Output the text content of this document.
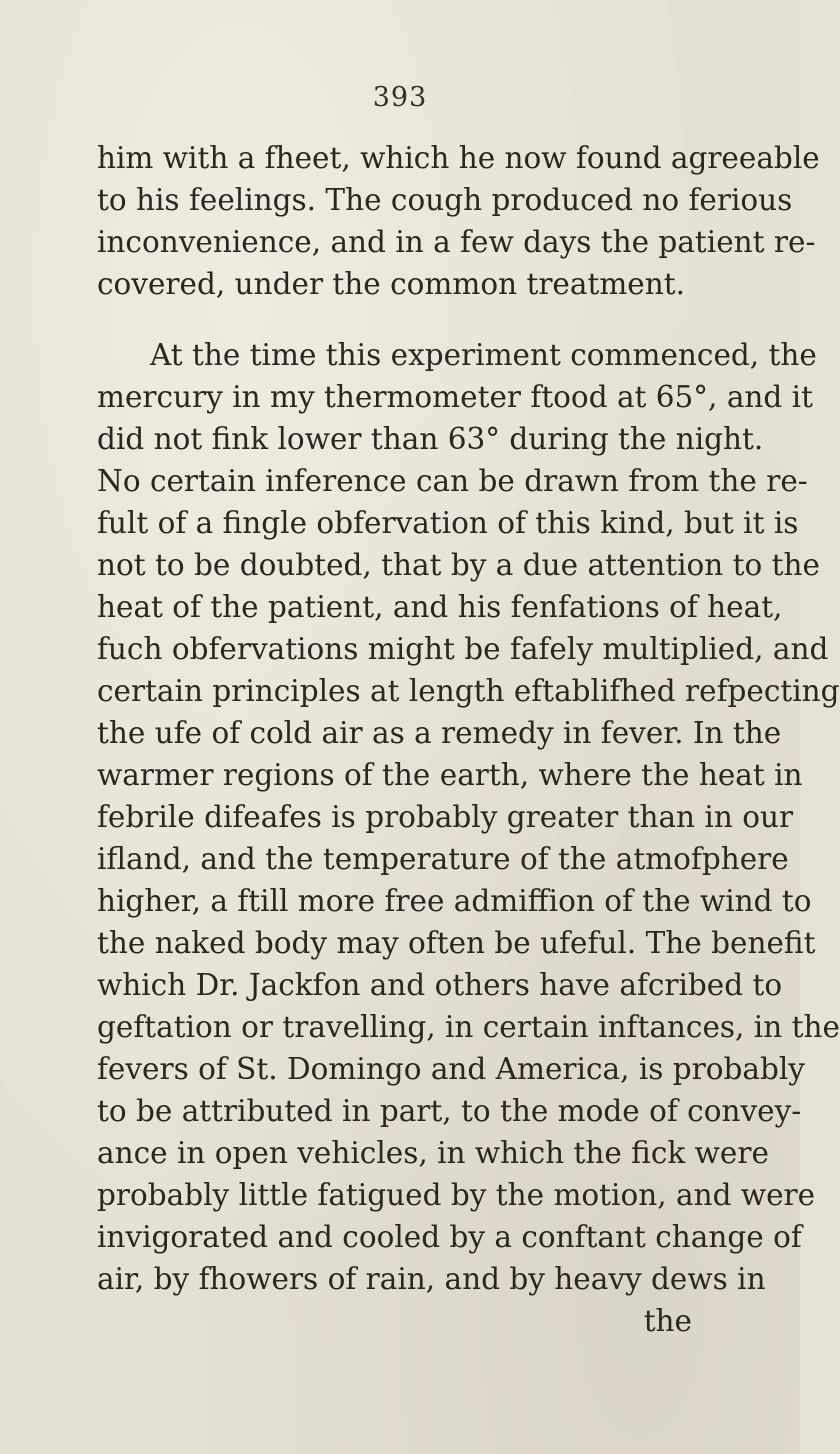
393
him with a fheet, which he now found agreeable
to his feelings. The cough produced no ferious
inconvenience, and in a few days the patient re-
covered, under the common treatment.
At the time this experiment commenced, the
mercury in my thermometer ftood at 65°, and it
did not fink lower than 63° during the night.
No certain inference can be drawn from the re-
fult of a fingle obfervation of this kind, but it is
not to be doubted, that by a due attention to the
heat of the patient, and his fenfations of heat,
fuch obfervations might be fafely multiplied, and
certain principles at length eftablifhed refpecting
the ufe of cold air as a remedy in fever. In the
warmer regions of the earth, where the heat in
febrile difeafes is probably greater than in our
ifland, and the temperature of the atmofphere
higher, a ftill more free admiffion of the wind to
the naked body may often be ufeful. The benefit
which Dr. Jackfon and others have afcribed to
geftation or travelling, in certain inftances, in the
fevers of St. Domingo and America, is probably
to be attributed in part, to the mode of convey-
ance in open vehicles, in which the fick were
probably little fatigued by the motion, and were
invigorated and cooled by a conftant change of
air, by fhowers of rain, and by heavy dews in
the
